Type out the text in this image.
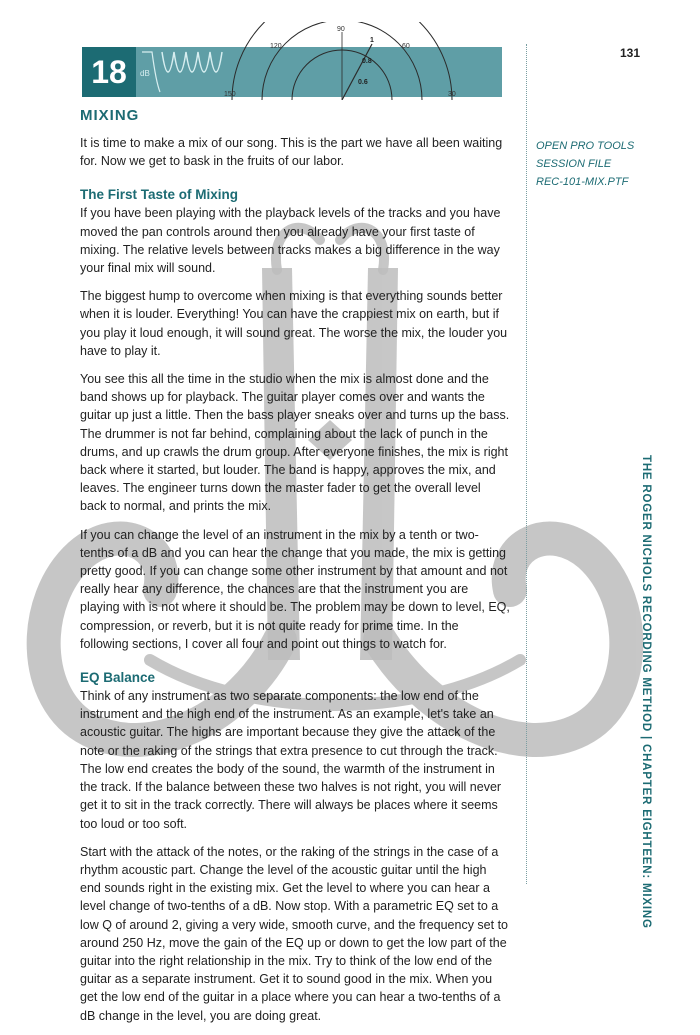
90
120	60
150	30
1
0.8
0.6
dB
18
131
OPEN PRO TOOLS
SESSION FILE
REC-101-MIX.PTF
THE ROGER NICHOLS RECORDING METHOD | CHAPTER EIGHTEEN: MIXING
MIXING

It is time to make a mix of our song. This is the part we have all been waiting for. Now we get to bask in the fruits of our labor.

The First Taste of Mixing

If you have been playing with the playback levels of the tracks and you have moved the pan controls around then you already have your first taste of mixing. The relative levels between tracks makes a big difference in the way your final mix will sound.

The biggest hump to overcome when mixing is that everything sounds better when it is louder. Everything! You can have the crappiest mix on earth, but if you play it loud enough, it will sound great. The worse the mix, the louder you have to play it.

You see this all the time in the studio when the mix is almost done and the band shows up for playback. The guitar player comes over and wants the guitar up just a little. Then the bass player sneaks over and turns up the bass. The drummer is not far behind, complaining about the lack of punch in the drums, and up crawls the drum group. After everyone finishes, the mix is right back where it started, but louder. The band is happy, approves the mix, and leaves. The engineer turns down the master fader to get the overall level back to normal, and prints the mix.

If you can change the level of an instrument in the mix by a tenth or two-tenths of a dB and you can hear the change that you made, the mix is getting pretty good. If you can change some other instrument by that amount and not really hear any difference, the chances are that the instrument you are playing with is not where it should be. The problem may be down to level, EQ, compression, or reverb, but it is not quite ready for prime time. In the following sections, I cover all four and point out things to watch for.

EQ Balance

Think of any instrument as two separate components: the low end of the instrument and the high end of the instrument. As an example, let's take an acoustic guitar. The highs are important because they give the attack of the note or the raking of the strings that extra presence to cut through the track. The low end creates the body of the sound, the warmth of the instrument in the track. If the balance between these two halves is not right, you will never get it to sit in the track correctly. There will always be places where it seems too loud or too soft.

Start with the attack of the notes, or the raking of the strings in the case of a rhythm acoustic part. Change the level of the acoustic guitar until the high end sounds right in the existing mix. Get the level to where you can hear a level change of two-tenths of a dB. Now stop. With a parametric EQ set to a low Q of around 2, giving a very wide, smooth curve, and the frequency set to around 250 Hz, move the gain of the EQ up or down to get the low part of the guitar into the right relationship in the mix. Try to think of the low end of the guitar as a separate instrument. Get it to sound good in the mix. When you get the low end of the guitar in a place where you can hear a two-tenths of a dB change in the level, you are doing great.
